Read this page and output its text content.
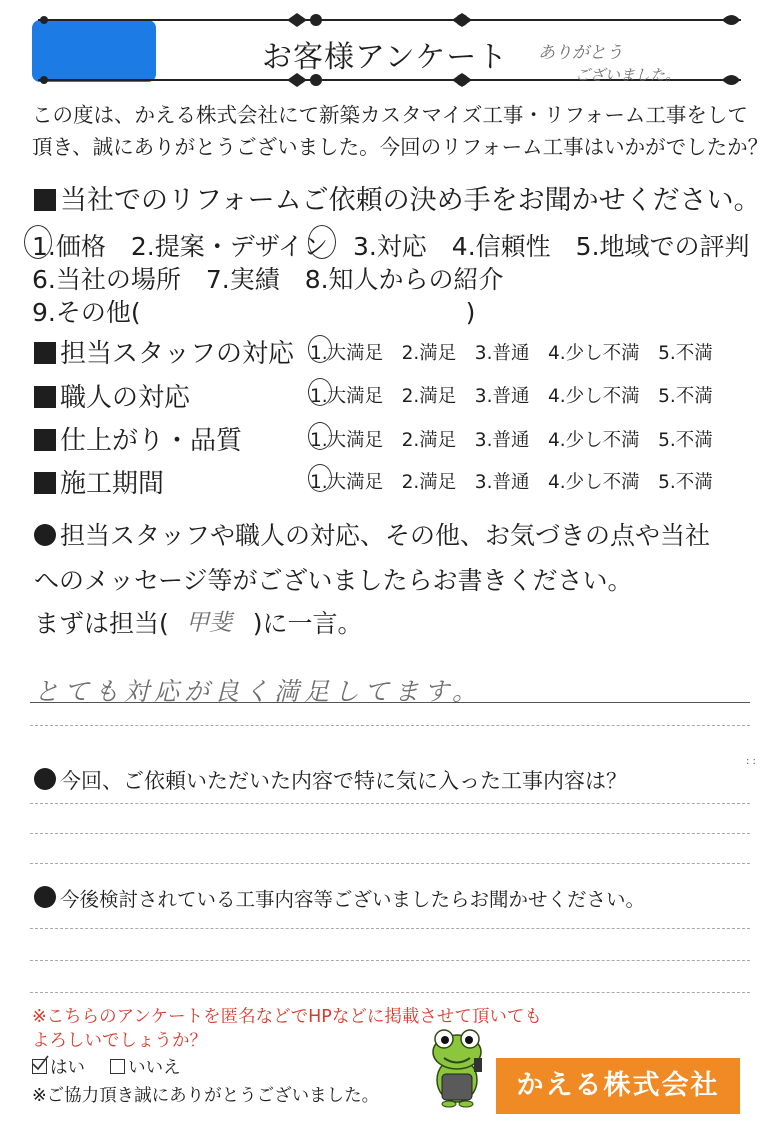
お客様アンケート ありがとう
ございました。
この度は、かえる株式会社にて新築カスタマイズ工事・リフォーム工事をして
頂き、誠にありがとうございました。今回のリフォーム工事はいかがでしたか？
当社でのリフォームご依頼の決め手をお聞かせください。
1.価格　2.提案・デザイン　3.対応　4.信頼性　5.地域での評判
6.当社の場所　7.実績　8.知人からの紹介
9.その他(　　　　　　　　　　　　　)
担当スタッフの対応 1.大満足　2.満足　3.普通　4.少し不満　5.不満
職人の対応	1.大満足　2.満足　3.普通　4.少し不満　5.不満
仕上がり・品質	1.大満足　2.満足　3.普通　4.少し不満　5.不満
施工期間	1.大満足　2.満足　3.普通　4.少し不満　5.不満
担当スタッフや職人の対応、その他、お気づきの点や当社
へのメッセージ等がございましたらお書きください。
まずは担当(	)に一言。
甲斐
とても対応が良く満足してます。
: :
今回、ご依頼いただいた内容で特に気に入った工事内容は？
今後検討されている工事内容等ございましたらお聞かせください。
※こちらのアンケートを匿名などでHPなどに掲載させて頂いても
よろしいでしょうか？
はい いいえ
※ご協力頂き誠にありがとうございました。	かえる株式会社
